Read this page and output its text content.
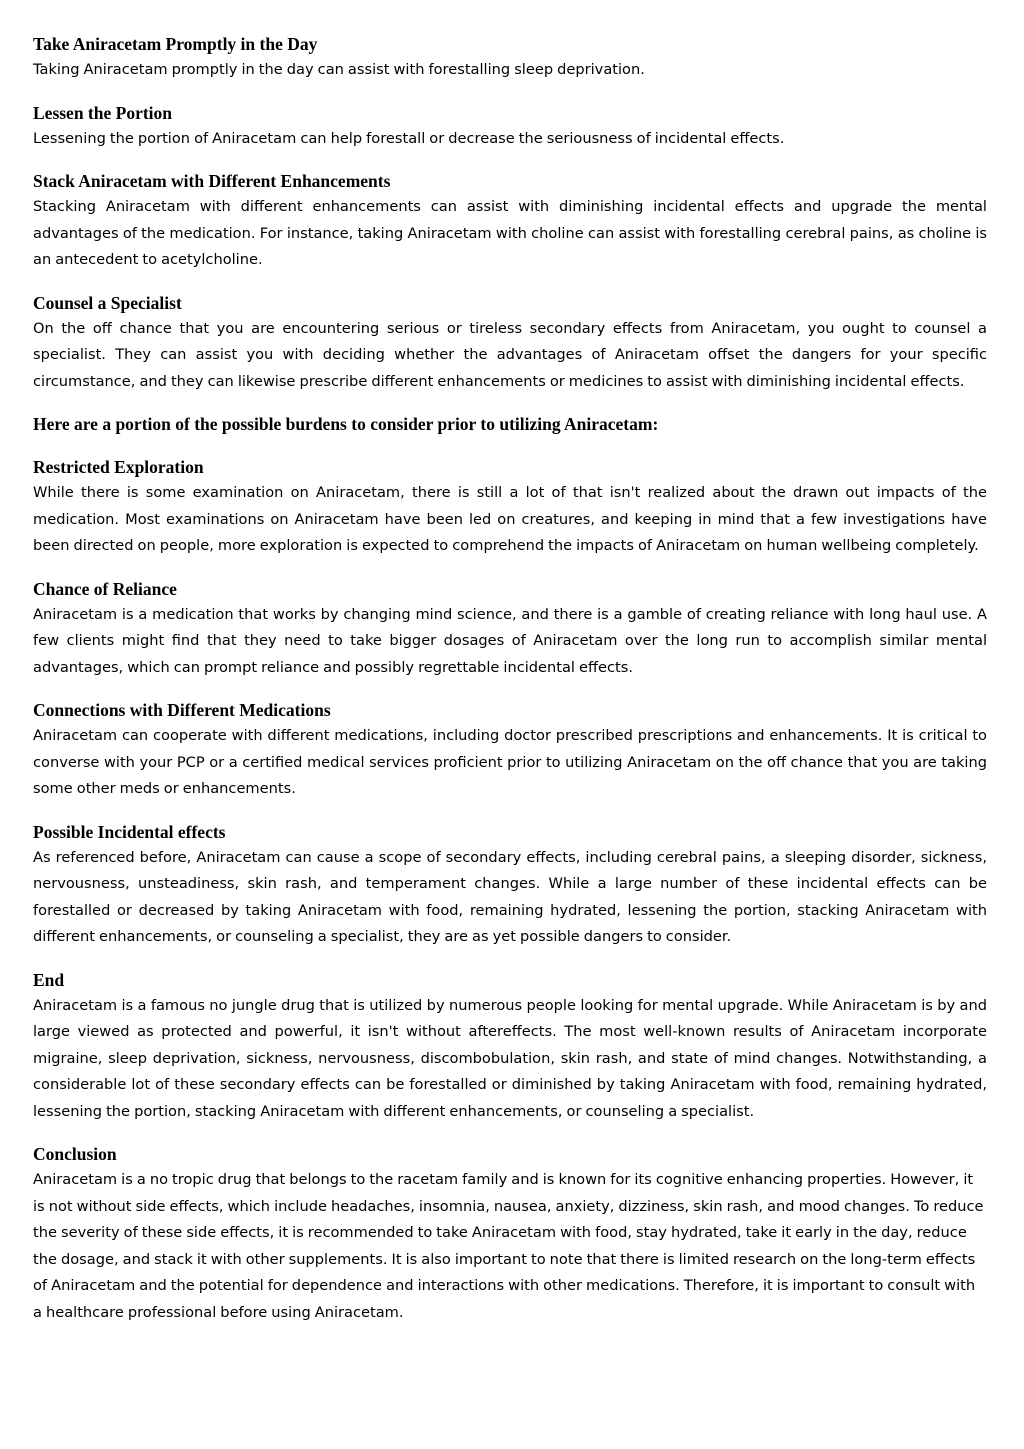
Take Aniracetam Promptly in the Day

Taking Aniracetam promptly in the day can assist with forestalling sleep deprivation.

Lessen the Portion

Lessening the portion of Aniracetam can help forestall or decrease the seriousness of incidental effects.

Stack Aniracetam with Different Enhancements

Stacking Aniracetam with different enhancements can assist with diminishing incidental effects and upgrade the mental advantages of the medication. For instance, taking Aniracetam with choline can assist with forestalling cerebral pains, as choline is an antecedent to acetylcholine.

Counsel a Specialist

On the off chance that you are encountering serious or tireless secondary effects from Aniracetam, you ought to counsel a specialist. They can assist you with deciding whether the advantages of Aniracetam offset the dangers for your specific circumstance, and they can likewise prescribe different enhancements or medicines to assist with diminishing incidental effects.

Here are a portion of the possible burdens to consider prior to utilizing Aniracetam:

Restricted Exploration

While there is some examination on Aniracetam, there is still a lot of that isn't realized about the drawn out impacts of the medication. Most examinations on Aniracetam have been led on creatures, and keeping in mind that a few investigations have been directed on people, more exploration is expected to comprehend the impacts of Aniracetam on human wellbeing completely.

Chance of Reliance

Aniracetam is a medication that works by changing mind science, and there is a gamble of creating reliance with long haul use. A few clients might find that they need to take bigger dosages of Aniracetam over the long run to accomplish similar mental advantages, which can prompt reliance and possibly regrettable incidental effects.

Connections with Different Medications

Aniracetam can cooperate with different medications, including doctor prescribed prescriptions and enhancements. It is critical to converse with your PCP or a certified medical services proficient prior to utilizing Aniracetam on the off chance that you are taking some other meds or enhancements.

Possible Incidental effects

As referenced before, Aniracetam can cause a scope of secondary effects, including cerebral pains, a sleeping disorder, sickness, nervousness, unsteadiness, skin rash, and temperament changes. While a large number of these incidental effects can be forestalled or decreased by taking Aniracetam with food, remaining hydrated, lessening the portion, stacking Aniracetam with different enhancements, or counseling a specialist, they are as yet possible dangers to consider.

End

Aniracetam is a famous no jungle drug that is utilized by numerous people looking for mental upgrade. While Aniracetam is by and large viewed as protected and powerful, it isn't without aftereffects. The most well-known results of Aniracetam incorporate migraine, sleep deprivation, sickness, nervousness, discombobulation, skin rash, and state of mind changes. Notwithstanding, a considerable lot of these secondary effects can be forestalled or diminished by taking Aniracetam with food, remaining hydrated, lessening the portion, stacking Aniracetam with different enhancements, or counseling a specialist.

Conclusion

Aniracetam is a no tropic drug that belongs to the racetam family and is known for its cognitive enhancing properties. However, it is not without side effects, which include headaches, insomnia, nausea, anxiety, dizziness, skin rash, and mood changes. To reduce the severity of these side effects, it is recommended to take Aniracetam with food, stay hydrated, take it early in the day, reduce the dosage, and stack it with other supplements. It is also important to note that there is limited research on the long-term effects of Aniracetam and the potential for dependence and interactions with other medications. Therefore, it is important to consult with a healthcare professional before using Aniracetam.
